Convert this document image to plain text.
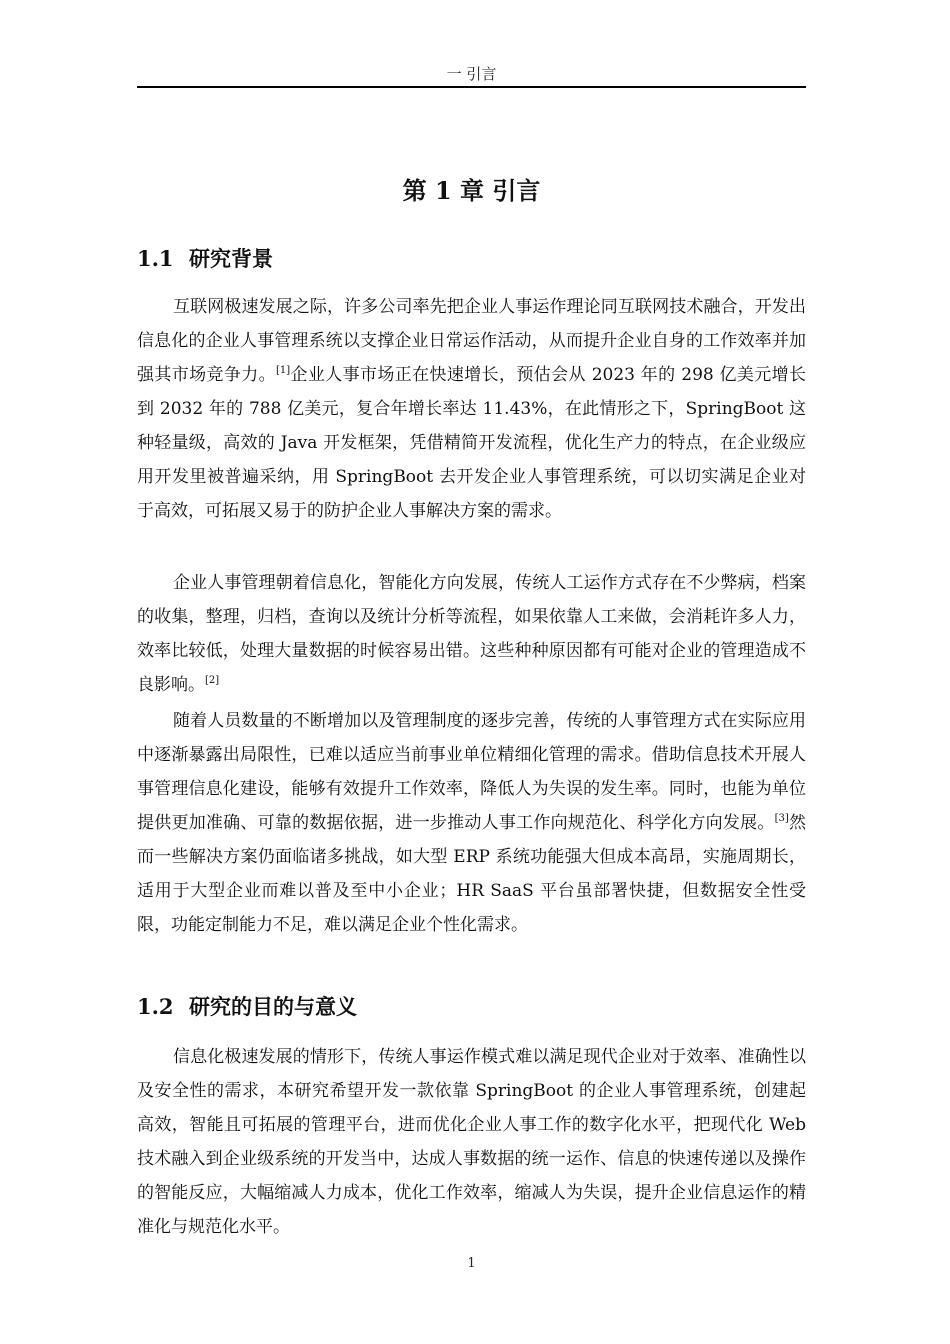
一 引言
第 1 章 引言
1.1 研究背景

互联网极速发展之际，许多公司率先把企业人事运作理论同互联网技术融合，开发出信息化的企业人事管理系统以支撑企业日常运作活动，从而提升企业自身的工作效率并加强其市场竞争力。[1]企业人事市场正在快速增长，预估会从 2023 年的 298 亿美元增长到 2032 年的 788 亿美元，复合年增长率达 11.43%，在此情形之下，SpringBoot 这种轻量级，高效的 Java 开发框架，凭借精简开发流程，优化生产力的特点，在企业级应用开发里被普遍采纳，用 SpringBoot 去开发企业人事管理系统，可以切实满足企业对于高效，可拓展又易于的防护企业人事解决方案的需求。

企业人事管理朝着信息化，智能化方向发展，传统人工运作方式存在不少弊病，档案的收集，整理，归档，查询以及统计分析等流程，如果依靠人工来做，会消耗许多人力，效率比较低，处理大量数据的时候容易出错。这些种种原因都有可能对企业的管理造成不良影响。[2]

随着人员数量的不断增加以及管理制度的逐步完善，传统的人事管理方式在实际应用中逐渐暴露出局限性，已难以适应当前事业单位精细化管理的需求。借助信息技术开展人事管理信息化建设，能够有效提升工作效率，降低人为失误的发生率。同时，也能为单位提供更加准确、可靠的数据依据，进一步推动人事工作向规范化、科学化方向发展。[3]然而一些解决方案仍面临诸多挑战，如大型 ERP 系统功能强大但成本高昂，实施周期长，适用于大型企业而难以普及至中小企业；HR SaaS 平台虽部署快捷，但数据安全性受限，功能定制能力不足，难以满足企业个性化需求。

1.2 研究的目的与意义

信息化极速发展的情形下，传统人事运作模式难以满足现代企业对于效率、准确性以及安全性的需求，本研究希望开发一款依靠 SpringBoot 的企业人事管理系统，创建起高效，智能且可拓展的管理平台，进而优化企业人事工作的数字化水平，把现代化 Web 技术融入到企业级系统的开发当中，达成人事数据的统一运作、信息的快速传递以及操作的智能反应，大幅缩减人力成本，优化工作效率，缩减人为失误，提升企业信息运作的精准化与规范化水平。

1
